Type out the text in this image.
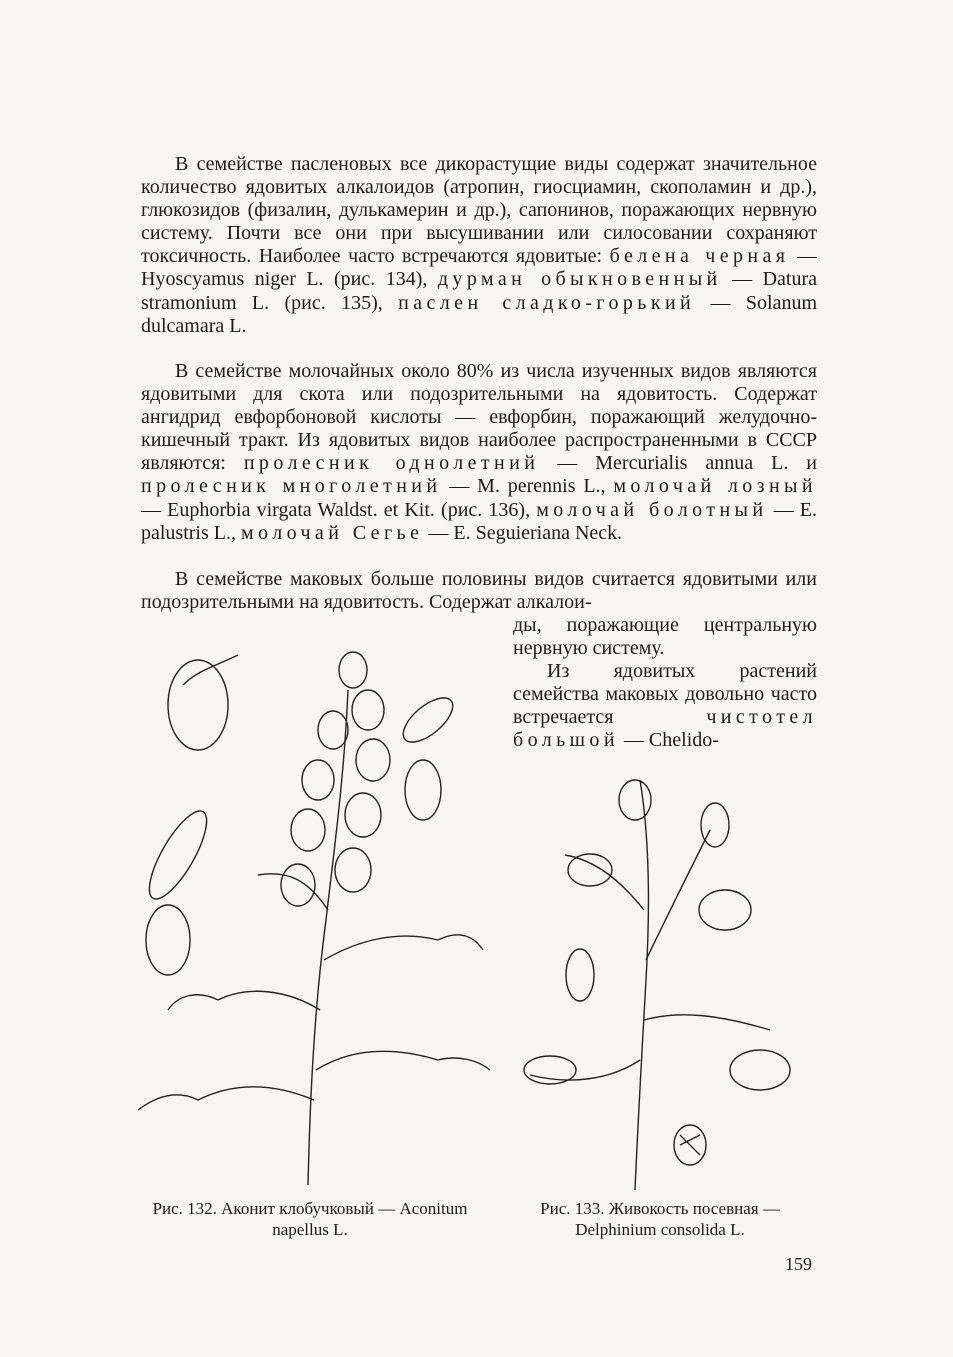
В семействе пасленовых все дикорастущие виды содержат значительное количество ядовитых алкалоидов (атропин, гиосциамин, скополамин и др.), глюкозидов (физалин, дулькамерин и др.), сапонинов, поражающих нервную систему. Почти все они при высушивании или силосовании сохраняют токсичность. Наиболее часто встречаются ядовитые: белена черная — Hyoscyamus niger L. (рис. 134), дурман обыкновенный — Datura stramonium L. (рис. 135), паслен сладко-горький — Solanum dulcamara L.

В семействе молочайных около 80% из числа изученных видов являются ядовитыми для скота или подозрительными на ядовитость. Содержат ангидрид евфорбоновой кислоты — евфорбин, поражающий желудочно-кишечный тракт. Из ядовитых видов наиболее распространенными в СССР являются: пролесник однолетний — Mercurialis annua L. и пролесник многолетний — M. perennis L., молочай лозный — Euphorbia virgata Waldst. et Kit. (рис. 136), молочай болотный — E. palustris L., молочай Сегье — E. Seguieriana Neck.

В семействе маковых больше половины видов считается ядовитыми или подозрительными на ядовитость. Содержат алкалои-

ды, поражающие центральную нервную систему.

Из ядовитых растений семейства маковых довольно часто встречается чистотел большой — Chelido-

Рис. 132. Аконит клобучковый — Aconitum napellus L.

Рис. 133. Живокость посевная — Delphinium consolida L.

159
